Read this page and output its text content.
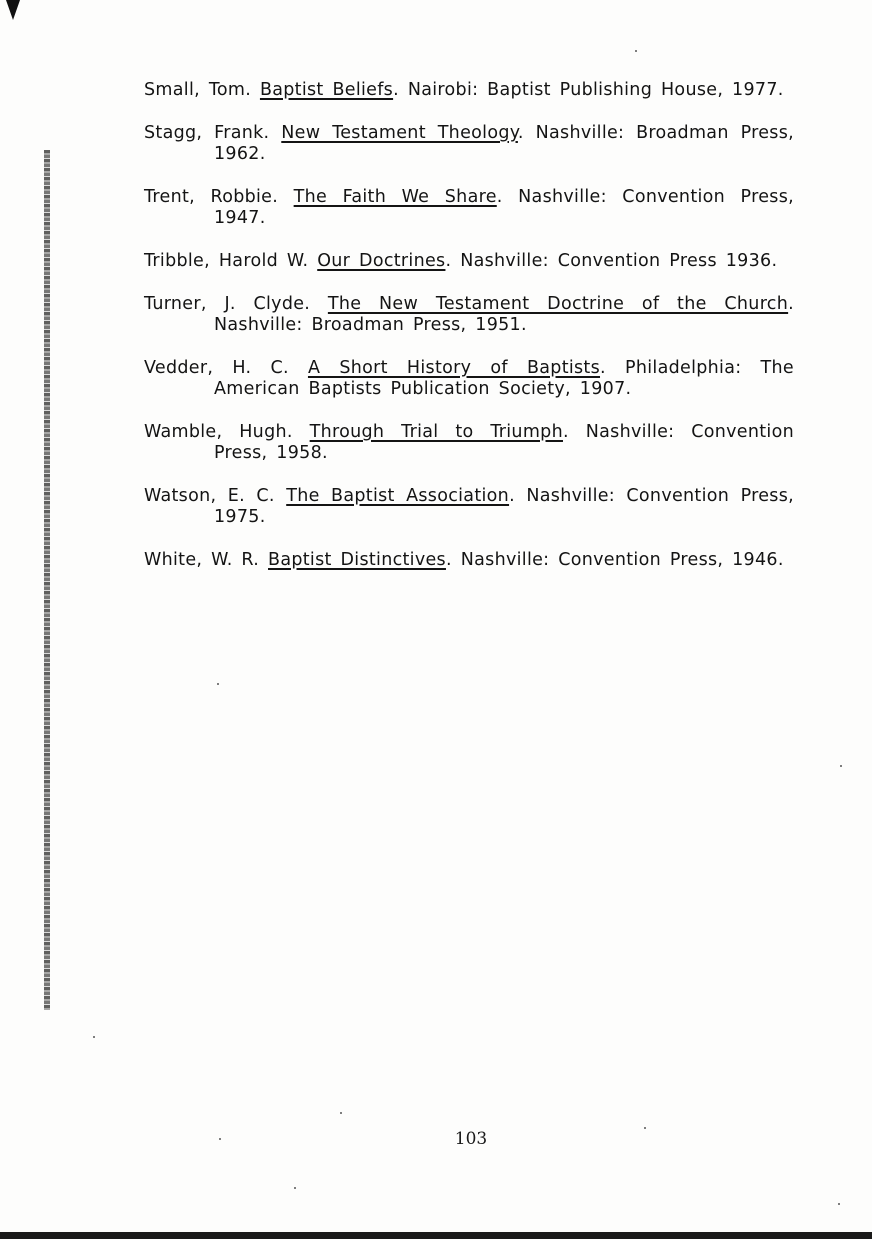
Small, Tom. Baptist Beliefs. Nairobi: Baptist Publishing House, 1977.
Stagg, Frank. New Testament Theology. Nashville: Broadman Press, 1962.
Trent, Robbie. The Faith We Share. Nashville: Convention Press, 1947.
Tribble, Harold W. Our Doctrines. Nashville: Convention Press 1936.
Turner, J. Clyde. The New Testament Doctrine of the Church. Nashville: Broadman Press, 1951.
Vedder, H. C. A Short History of Baptists. Philadelphia: The American Baptists Publication Society, 1907.
Wamble, Hugh. Through Trial to Triumph. Nashville: Convention Press, 1958.
Watson, E. C. The Baptist Association. Nashville: Convention Press, 1975.
White, W. R. Baptist Distinctives. Nashville: Convention Press, 1946.
103
